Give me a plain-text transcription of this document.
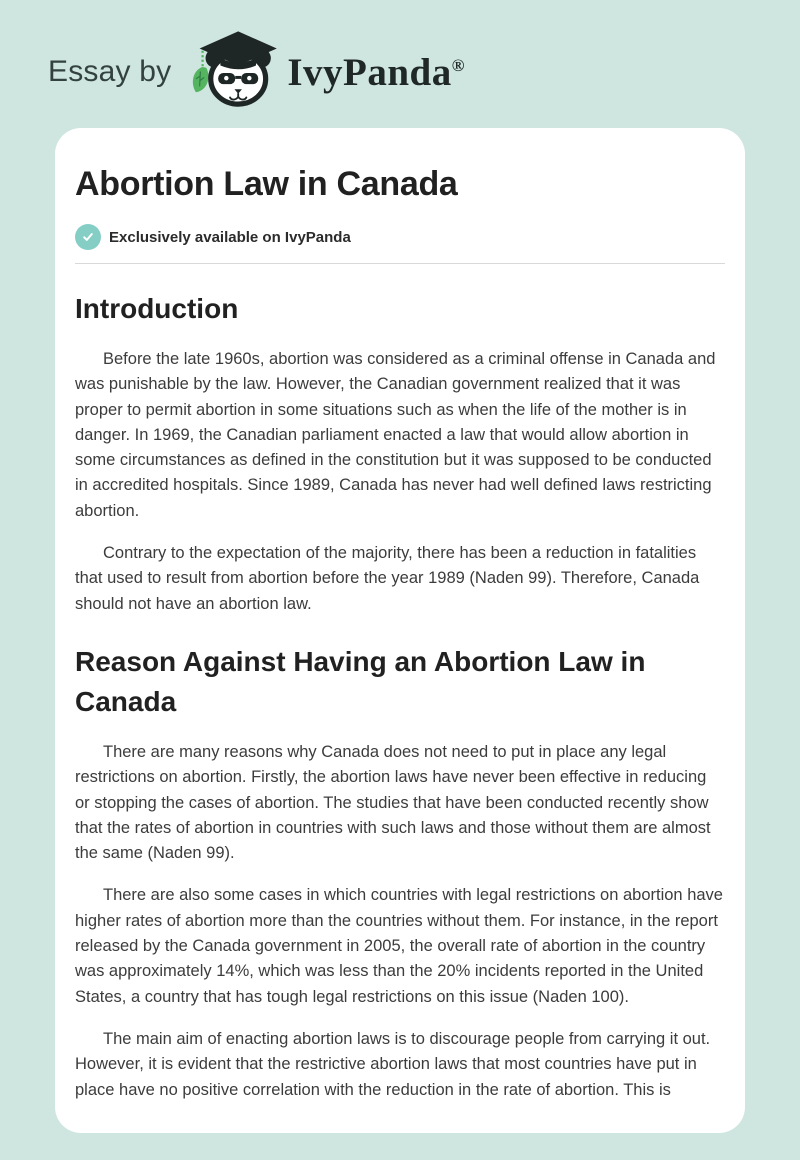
Essay by	IvyPanda®
Abortion Law in Canada
Exclusively available on IvyPanda
Introduction

Before the late 1960s, abortion was considered as a criminal offense in Canada and was punishable by the law. However, the Canadian government realized that it was proper to permit abortion in some situations such as when the life of the mother is in danger. In 1969, the Canadian parliament enacted a law that would allow abortion in some circumstances as defined in the constitution but it was supposed to be conducted in accredited hospitals. Since 1989, Canada has never had well defined laws restricting abortion.

Contrary to the expectation of the majority, there has been a reduction in fatalities that used to result from abortion before the year 1989 (Naden 99). Therefore, Canada should not have an abortion law.

Reason Against Having an Abortion Law in Canada

There are many reasons why Canada does not need to put in place any legal restrictions on abortion. Firstly, the abortion laws have never been effective in reducing or stopping the cases of abortion. The studies that have been conducted recently show that the rates of abortion in countries with such laws and those without them are almost the same (Naden 99).

There are also some cases in which countries with legal restrictions on abortion have higher rates of abortion more than the countries without them. For instance, in the report released by the Canada government in 2005, the overall rate of abortion in the country was approximately 14%, which was less than the 20% incidents reported in the United States, a country that has tough legal restrictions on this issue (Naden 100).

The main aim of enacting abortion laws is to discourage people from carrying it out. However, it is evident that the restrictive abortion laws that most countries have put in place have no positive correlation with the reduction in the rate of abortion. This is
